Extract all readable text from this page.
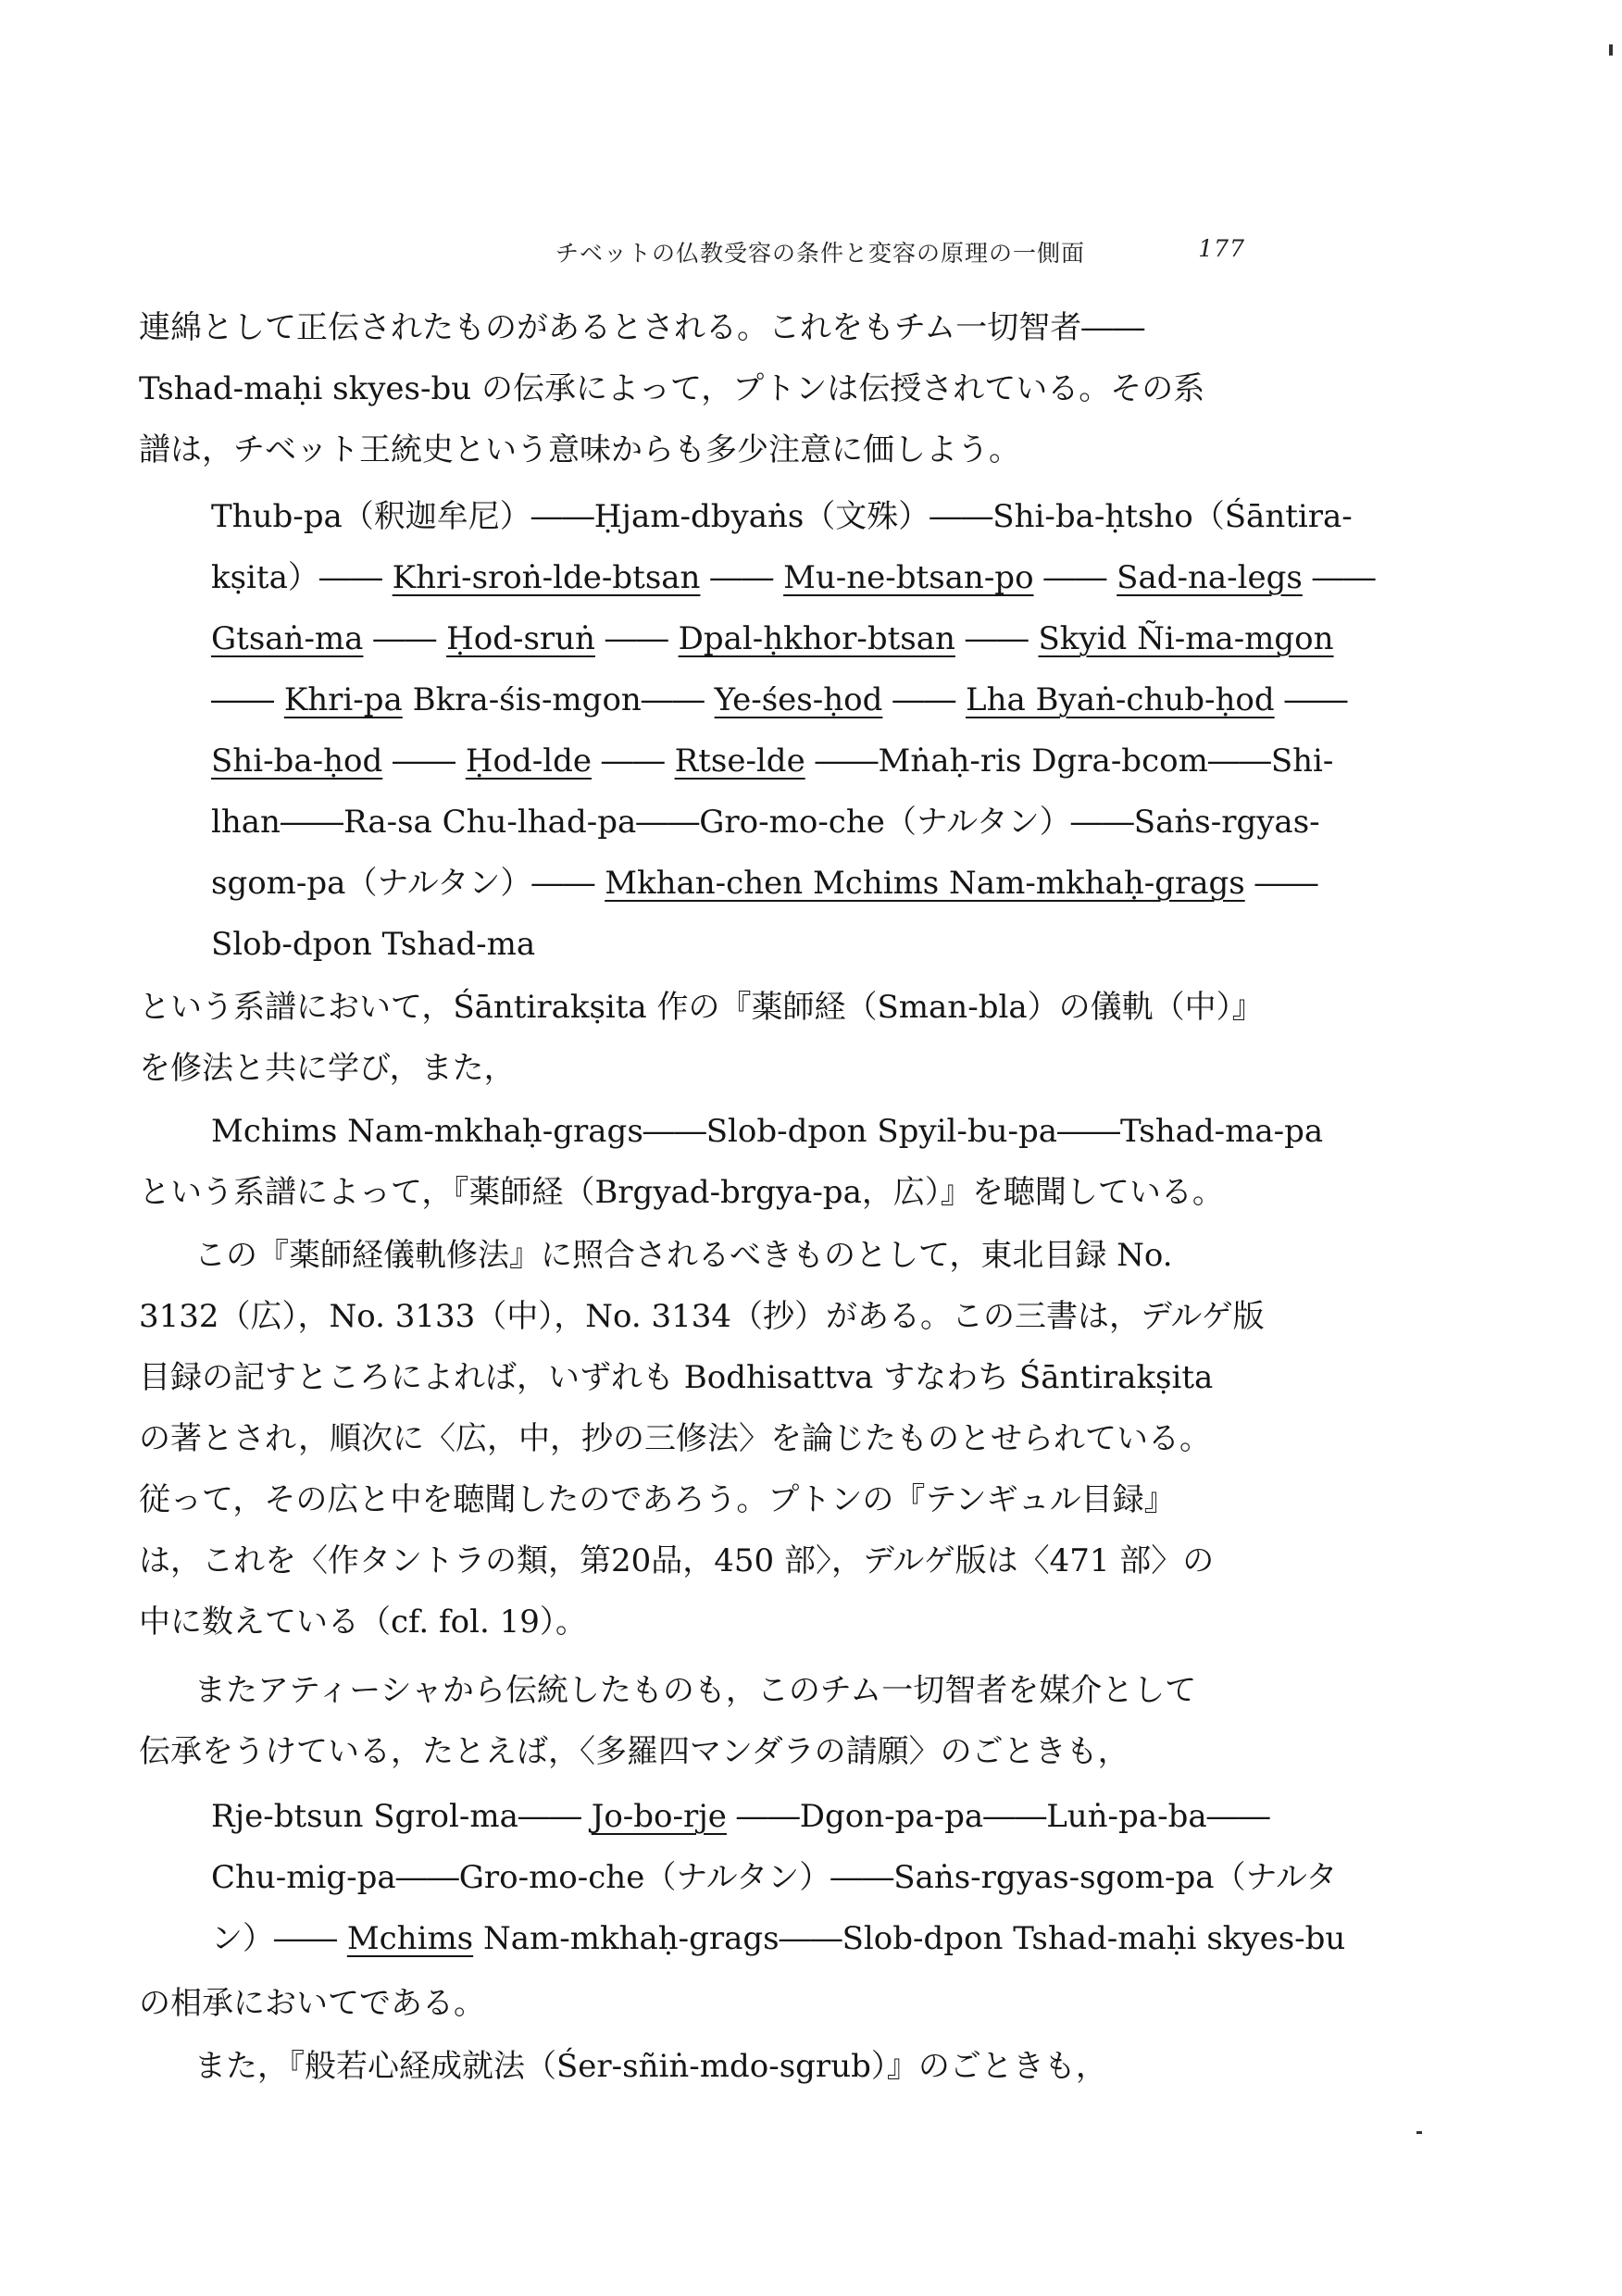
チベットの仏教受容の条件と変容の原理の一側面	177
連綿として正伝されたものがあるとされる。これをもチム一切智者――
Tshad-maḥi skyes-bu の伝承によって，プトンは伝授されている。その系
譜は，チベット王統史という意味からも多少注意に価しよう。
Thub-pa（釈迦牟尼）――Ḥjam-dbyaṅs（文殊）――Shi-ba-ḥtsho（Śāntira-
kṣita）―― Khri-sroṅ-lde-btsan ―― Mu-ne-btsan-po ―― Sad-na-legs ――
Gtsaṅ-ma ―― Ḥod-sruṅ ―― Dpal-ḥkhor-btsan ―― Skyid Ñi-ma-mgon
―― Khri-pa Bkra-śis-mgon―― Ye-śes-ḥod ―― Lha Byaṅ-chub-ḥod ――
Shi-ba-ḥod ―― Ḥod-lde ―― Rtse-lde ――Mṅaḥ-ris Dgra-bcom――Shi-
lhan――Ra-sa Chu-lhad-pa――Gro-mo-che（ナルタン）――Saṅs-rgyas-
sgom-pa（ナルタン）―― Mkhan-chen Mchims Nam-mkhaḥ-grags ――
Slob-dpon Tshad-ma
という系譜において，Śāntirakṣita 作の『薬師経（Sman-bla）の儀軌（中）』
を修法と共に学び，また，
Mchims Nam-mkhaḥ-grags――Slob-dpon Spyil-bu-pa――Tshad-ma-pa
という系譜によって，『薬師経（Brgyad-brgya-pa，広）』を聴聞している。
この『薬師経儀軌修法』に照合されるべきものとして，東北目録 No.
3132（広），No. 3133（中），No. 3134（抄）がある。この三書は，デルゲ版
目録の記すところによれば，いずれも Bodhisattva すなわち Śāntirakṣita
の著とされ，順次に〈広，中，抄の三修法〉を論じたものとせられている。
従って，その広と中を聴聞したのであろう。プトンの『テンギュル目録』
は，これを〈作タントラの類，第20品，450 部〉，デルゲ版は〈471 部〉の
中に数えている（cf. fol. 19）。
またアティーシャから伝統したものも，このチム一切智者を媒介として
伝承をうけている，たとえば，〈多羅四マンダラの請願〉のごときも，
Rje-btsun Sgrol-ma―― Jo-bo-rje ――Dgon-pa-pa――Luṅ-pa-ba――
Chu-mig-pa――Gro-mo-che（ナルタン）――Saṅs-rgyas-sgom-pa（ナルタ
ン）―― Mchims Nam-mkhaḥ-grags――Slob-dpon Tshad-maḥi skyes-bu
の相承においてである。
また，『般若心経成就法（Śer-sñiṅ-mdo-sgrub）』のごときも，
